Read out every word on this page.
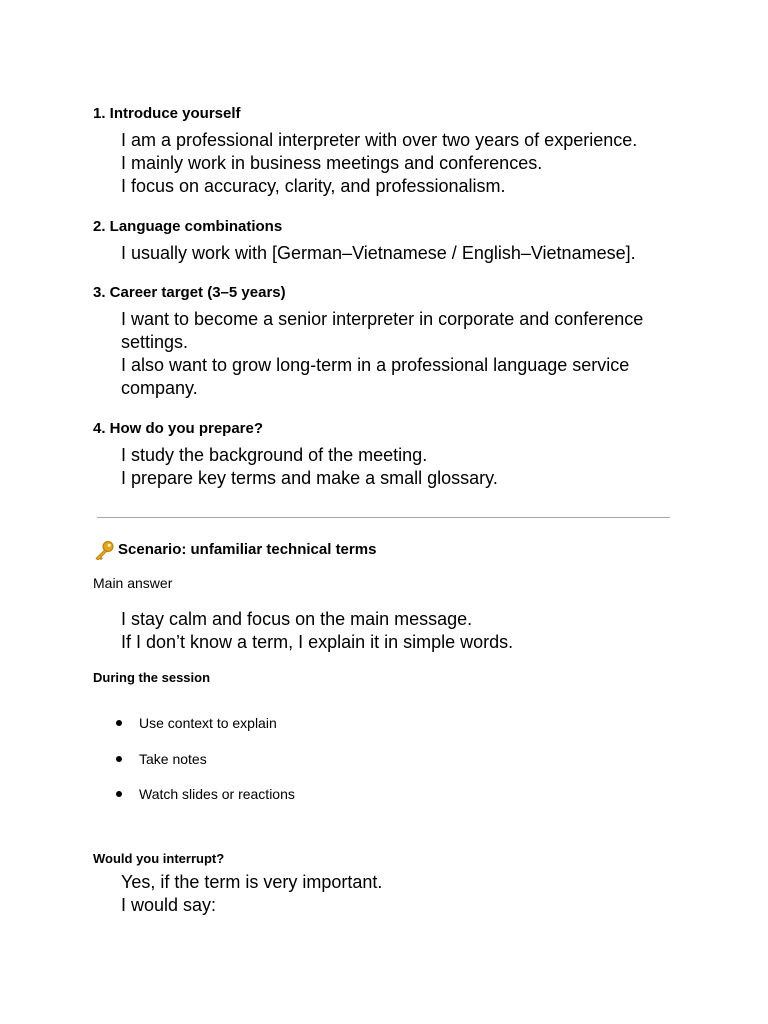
1. Introduce yourself

I am a professional interpreter with over two years of experience.

I mainly work in business meetings and conferences.

I focus on accuracy, clarity, and professionalism.

2. Language combinations

I usually work with [German–Vietnamese / English–Vietnamese].

3. Career target (3–5 years)

I want to become a senior interpreter in corporate and conference settings.

I also want to grow long-term in a professional language service company.

4. How do you prepare?

I study the background of the meeting.

I prepare key terms and make a small glossary.

Scenario: unfamiliar technical terms

Main answer

I stay calm and focus on the main message.

If I don’t know a term, I explain it in simple words.

During the session

Use context to explain
Take notes
Watch slides or reactions

Would you interrupt?

Yes, if the term is very important.

I would say:
